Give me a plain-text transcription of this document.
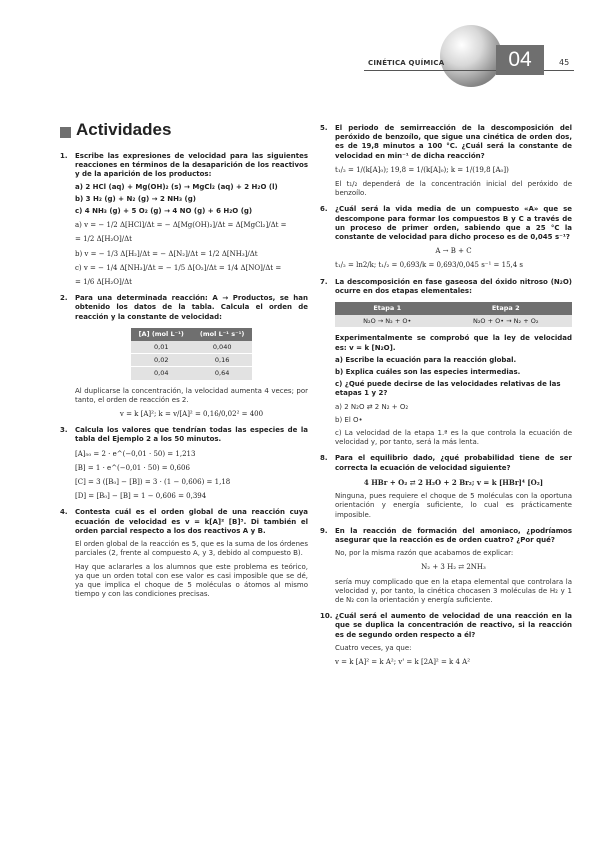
CINÉTICA QUÍMICA	04	45
Actividades
1. Escribe las expresiones de velocidad para las siguientes reacciones en términos de la desaparición de los reactivos y de la aparición de los productos:
a) 2 HCl (aq) + Mg(OH)₂ (s) → MgCl₂ (aq) + 2 H₂O (l)
b) 3 H₂ (g) + N₂ (g) → 2 NH₃ (g)
c) 4 NH₃ (g) + 5 O₂ (g) → 4 NO (g) + 6 H₂O (g)
a) v = − 1/2 Δ[HCl]/Δt = − Δ[Mg(OH)₂]/Δt = Δ[MgCl₂]/Δt =
= 1/2 Δ[H₂O]/Δt
b) v = − 1/3 Δ[H₂]/Δt = − Δ[N₂]/Δt = 1/2 Δ[NH₃]/Δt
c) v = − 1/4 Δ[NH₃]/Δt = − 1/5 Δ[O₂]/Δt = 1/4 Δ[NO]/Δt =
= 1/6 Δ[H₂O]/Δt
2. Para una determinada reacción: A → Productos, se han obtenido los datos de la tabla. Calcula el orden de reacción y la constante de velocidad:
[A] (mol L⁻¹)	(mol L⁻¹ s⁻¹)
0,01	0,040
0,02	0,16
0,04	0,64
Al duplicarse la concentración, la velocidad aumenta 4 veces; por tanto, el orden de reacción es 2.
v = k [A]²; k = v/[A]² = 0,16/0,02² = 400
3. Calcula los valores que tendrían todas las especies de la tabla del Ejemplo 2 a los 50 minutos.
[A]₅₀ = 2 · e^(−0,01 · 50) = 1,213
[B] = 1 · e^(−0,01 · 50) = 0,606
[C] = 3 ([B₀] − [B]) = 3 · (1 − 0,606) = 1,18
[D] = [B₀] − [B] = 1 − 0,606 = 0,394
4. Contesta cuál es el orden global de una reacción cuya ecuación de velocidad es v = k[A]² [B]³. Di también el orden parcial respecto a los dos reactivos A y B.
El orden global de la reacción es 5, que es la suma de los órdenes parciales (2, frente al compuesto A, y 3, debido al compuesto B).
Hay que aclararles a los alumnos que este problema es teórico, ya que un orden total con ese valor es casi imposible que se dé, ya que implica el choque de 5 moléculas o átomos al mismo tiempo y con las condiciones precisas.
5. El periodo de semirreacción de la descomposición del peróxido de benzoílo, que sigue una cinética de orden dos, es de 19,8 minutos a 100 °C. ¿Cuál será la constante de velocidad en min⁻¹ de dicha reacción?
t₁/₂ = 1/(k[A]₀); 19,8 = 1/(k[A]₀); k = 1/(19,8 [A₀])
El t₁/₂ dependerá de la concentración inicial del peróxido de benzoílo.
6. ¿Cuál será la vida media de un compuesto «A» que se descompone para formar los compuestos B y C a través de un proceso de primer orden, sabiendo que a 25 °C la constante de velocidad para dicho proceso es de 0,045 s⁻¹?
A → B + C
t₁/₂ = ln2/k; t₁/₂ = 0,693/k = 0,693/0,045 s⁻¹ = 15,4 s
7. La descomposición en fase gaseosa del óxido nitroso (N₂O) ocurre en dos etapas elementales:
Etapa 1	Etapa 2
N₂O → N₂ + O•	N₂O + O• → N₂ + O₂
Experimentalmente se comprobó que la ley de velocidad es: v = k [N₂O].
a) Escribe la ecuación para la reacción global.
b) Explica cuáles son las especies intermedias.
c) ¿Qué puede decirse de las velocidades relativas de las etapas 1 y 2?
a) 2 N₂O ⇄ 2 N₂ + O₂
b) El O•
c) La velocidad de la etapa 1.ª es la que controla la ecuación de velocidad y, por tanto, será la más lenta.
8. Para el equilibrio dado, ¿qué probabilidad tiene de ser correcta la ecuación de velocidad siguiente?
4 HBr + O₂ ⇄ 2 H₂O + 2 Br₂; v = k [HBr]⁴ [O₂]
Ninguna, pues requiere el choque de 5 moléculas con la oportuna orientación y energía suficiente, lo cual es prácticamente imposible.
9. En la reacción de formación del amoniaco, ¿podríamos asegurar que la reacción es de orden cuatro? ¿Por qué?
No, por la misma razón que acabamos de explicar:
N₂ + 3 H₂ ⇄ 2NH₃
sería muy complicado que en la etapa elemental que controlara la velocidad y, por tanto, la cinética chocasen 3 moléculas de H₂ y 1 de N₂ con la orientación y energía suficiente.
10. ¿Cuál será el aumento de velocidad de una reacción en la que se duplica la concentración de reactivo, si la reacción es de segundo orden respecto a él?
Cuatro veces, ya que:
v = k [A]² = k A²; v' = k [2A]² = k 4 A²
